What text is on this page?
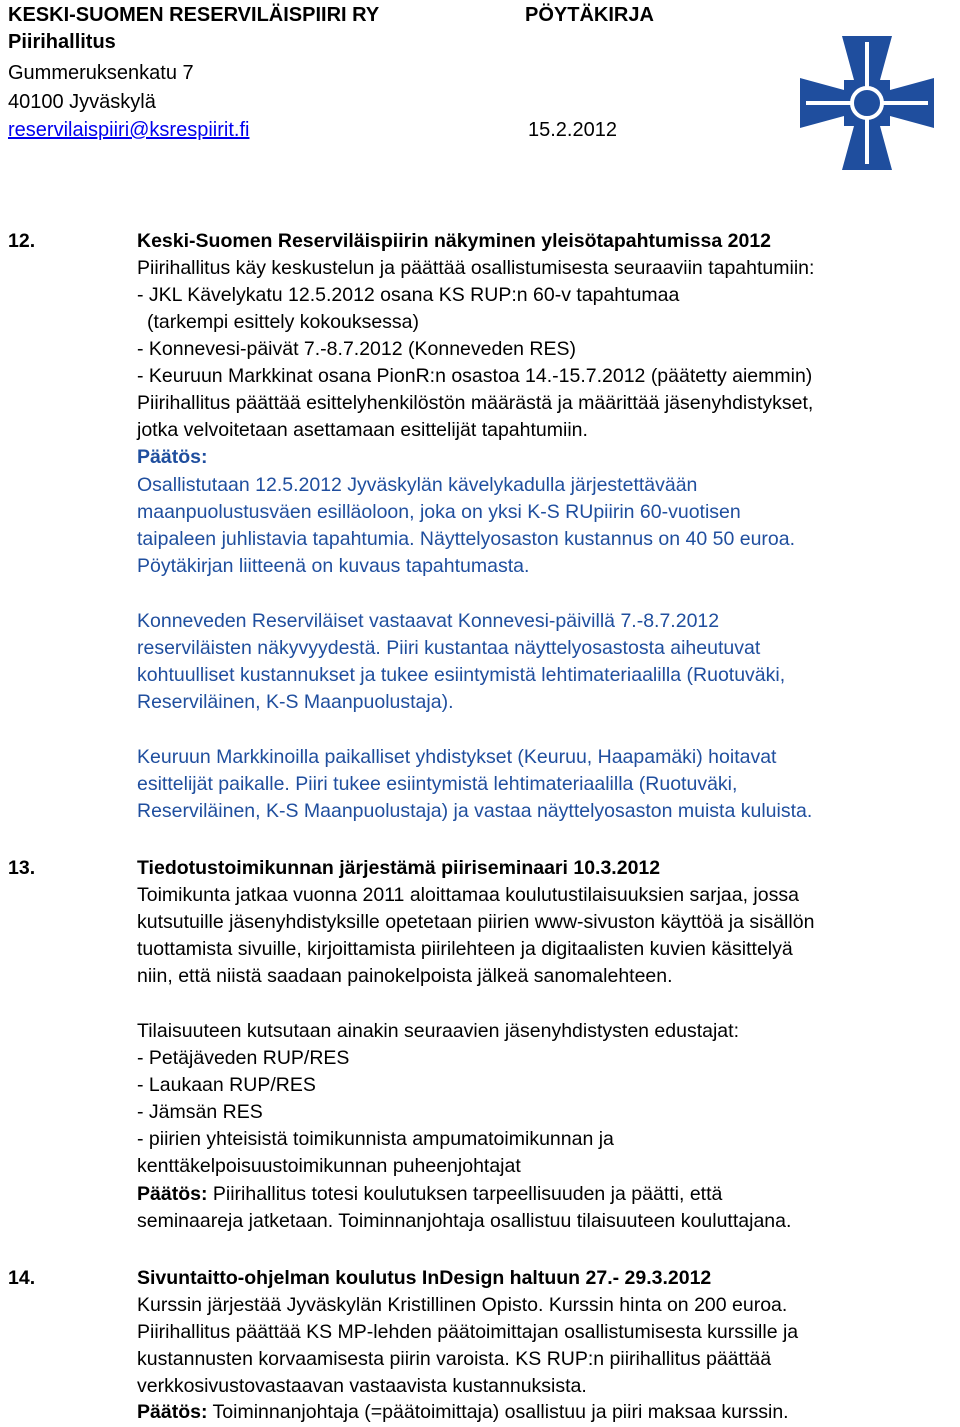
KESKI-SUOMEN RESERVILÄISPIIRI RY	PÖYTÄKIRJA
Piirihallitus
Gummeruksenkatu 7
40100 Jyväskylä
reservilaispiiri@ksrespiirit.fi	15.2.2012
12.	Keski-Suomen Reserviläispiirin näkyminen yleisötapahtumissa 2012
Piirihallitus käy keskustelun ja päättää osallistumisesta seuraaviin tapahtumiin:
- JKL Kävelykatu 12.5.2012 osana KS RUP:n 60-v tapahtumaa
(tarkempi esittely kokouksessa)
- Konnevesi-päivät 7.-8.7.2012 (Konneveden RES)
- Keuruun Markkinat osana PionR:n osastoa 14.-15.7.2012 (päätetty aiemmin)
Piirihallitus päättää esittelyhenkilöstön määrästä ja määrittää jäsenyhdistykset,
jotka velvoitetaan asettamaan esittelijät tapahtumiin.
Päätös:
Osallistutaan 12.5.2012 Jyväskylän kävelykadulla järjestettävään
maanpuolustusväen esilläoloon, joka on yksi K-S RUpiirin 60-vuotisen
taipaleen juhlistavia tapahtumia. Näyttelyosaston kustannus on 40 50 euroa.
Pöytäkirjan liitteenä on kuvaus tapahtumasta.
Konneveden Reserviläiset vastaavat Konnevesi-päivillä 7.-8.7.2012
reserviläisten näkyvyydestä. Piiri kustantaa näyttelyosastosta aiheutuvat
kohtuulliset kustannukset ja tukee esiintymistä lehtimateriaalilla (Ruotuväki,
Reserviläinen, K-S Maanpuolustaja).
Keuruun Markkinoilla paikalliset yhdistykset (Keuruu, Haapamäki) hoitavat
esittelijät paikalle. Piiri tukee esiintymistä lehtimateriaalilla (Ruotuväki,
Reserviläinen, K-S Maanpuolustaja) ja vastaa näyttelyosaston muista kuluista.
13.	Tiedotustoimikunnan järjestämä piiriseminaari 10.3.2012
Toimikunta jatkaa vuonna 2011 aloittamaa koulutustilaisuuksien sarjaa, jossa
kutsutuille jäsenyhdistyksille opetetaan piirien www-sivuston käyttöä ja sisällön
tuottamista sivuille, kirjoittamista piirilehteen ja digitaalisten kuvien käsittelyä
niin, että niistä saadaan painokelpoista jälkeä sanomalehteen.
Tilaisuuteen kutsutaan ainakin seuraavien jäsenyhdistysten edustajat:
- Petäjäveden RUP/RES
- Laukaan RUP/RES
- Jämsän RES
- piirien yhteisistä toimikunnista ampumatoimikunnan ja
kenttäkelpoisuustoimikunnan puheenjohtajat
Päätös: Piirihallitus totesi koulutuksen tarpeellisuuden ja päätti, että
seminaareja jatketaan. Toiminnanjohtaja osallistuu tilaisuuteen kouluttajana.
14.	Sivuntaitto-ohjelman koulutus InDesign haltuun 27.- 29.3.2012
Kurssin järjestää Jyväskylän Kristillinen Opisto. Kurssin hinta on 200 euroa.
Piirihallitus päättää KS MP-lehden päätoimittajan osallistumisesta kurssille ja
kustannusten korvaamisesta piirin varoista. KS RUP:n piirihallitus päättää
verkkosivustovastaavan vastaavista kustannuksista.
Päätös: Toiminnanjohtaja (=päätoimittaja) osallistuu ja piiri maksaa kurssin.
